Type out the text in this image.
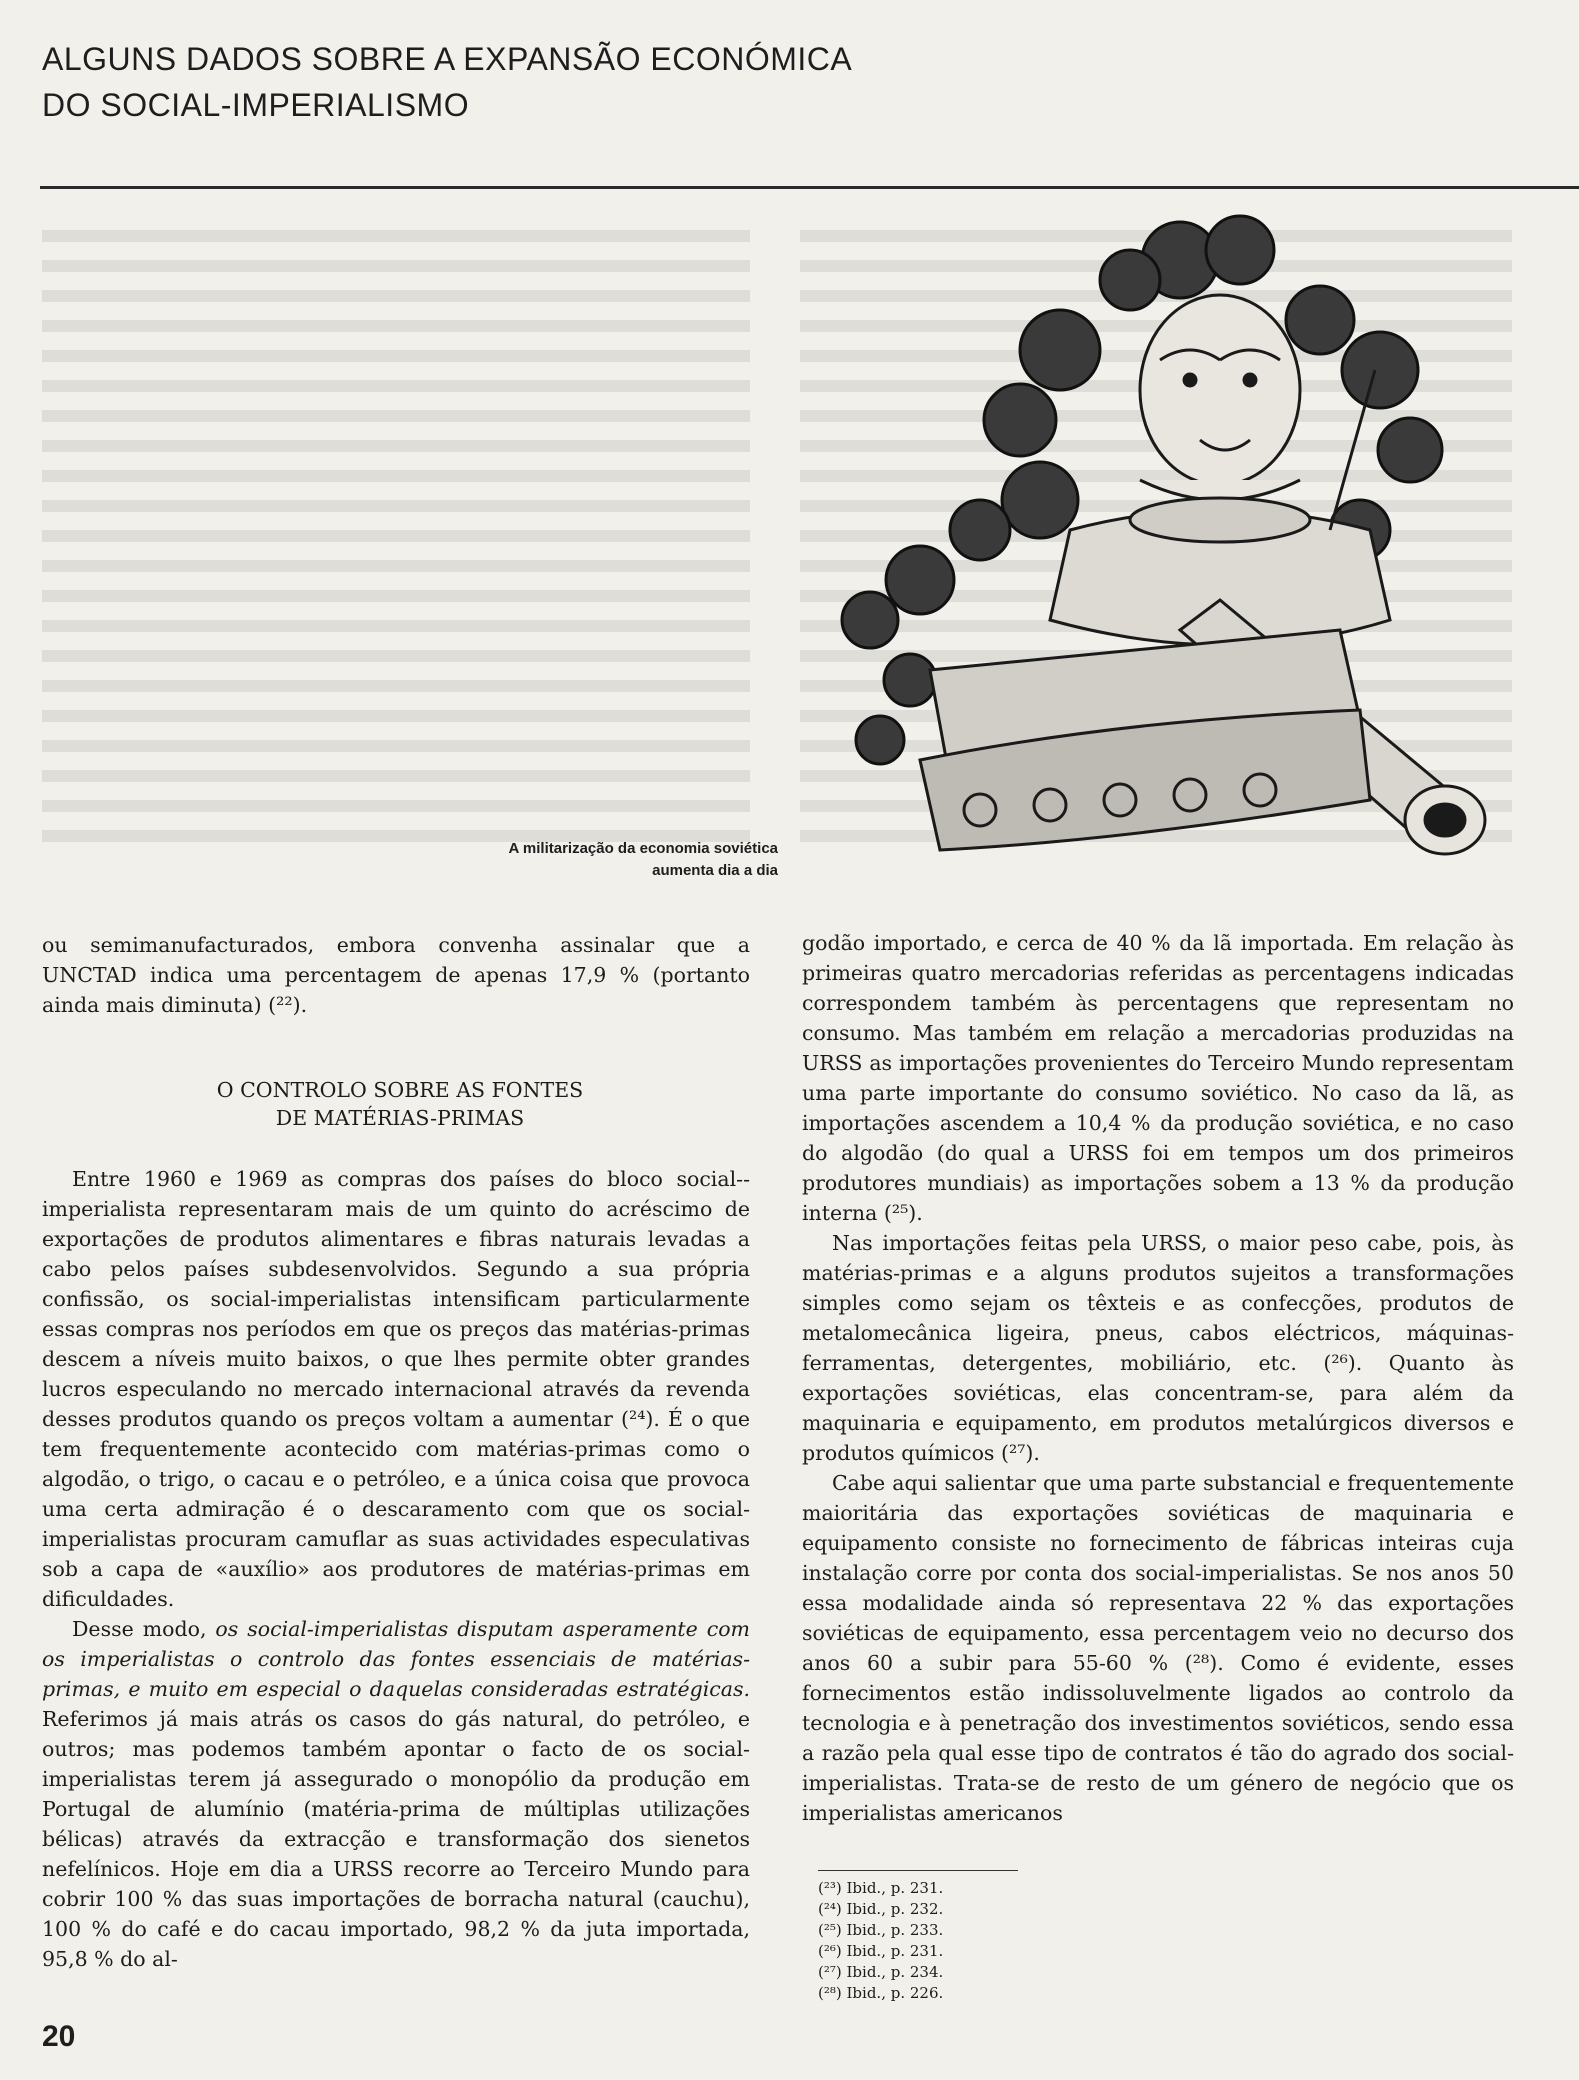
ALGUNS DADOS SOBRE A EXPANSÃO ECONÓMICA
DO SOCIAL-IMPERIALISMO
A militarização da economia soviética
aumenta dia a dia

ou semimanufacturados, embora convenha assinalar que a UNCTAD indica uma percentagem de apenas 17,9 % (portanto ainda mais diminuta) (²²).

O CONTROLO SOBRE AS FONTES
DE MATÉRIAS-PRIMAS

Entre 1960 e 1969 as compras dos países do bloco social--imperialista representaram mais de um quinto do acréscimo de exportações de produtos alimentares e fibras naturais levadas a cabo pelos países subdesenvolvidos. Segundo a sua própria confissão, os social-imperialistas intensificam particularmente essas compras nos períodos em que os preços das matérias-primas descem a níveis muito baixos, o que lhes permite obter grandes lucros especulando no mercado internacional através da revenda desses produtos quando os preços voltam a aumentar (²⁴). É o que tem frequentemente acontecido com matérias-primas como o algodão, o trigo, o cacau e o petróleo, e a única coisa que provoca uma certa admiração é o descaramento com que os social-imperialistas procuram camuflar as suas actividades especulativas sob a capa de «auxílio» aos produtores de matérias-primas em dificuldades.

Desse modo, os social-imperialistas disputam asperamente com os imperialistas o controlo das fontes essenciais de matérias-primas, e muito em especial o daquelas consideradas estratégicas. Referimos já mais atrás os casos do gás natural, do petróleo, e outros; mas podemos também apontar o facto de os social-imperialistas terem já assegurado o monopólio da produção em Portugal de alumínio (matéria-prima de múltiplas utilizações bélicas) através da extracção e transformação dos sienetos nefelínicos. Hoje em dia a URSS recorre ao Terceiro Mundo para cobrir 100 % das suas importações de borracha natural (cauchu), 100 % do café e do cacau importado, 98,2 % da juta importada, 95,8 % do al-

godão importado, e cerca de 40 % da lã importada. Em relação às primeiras quatro mercadorias referidas as percentagens indicadas correspondem também às percentagens que representam no consumo. Mas também em relação a mercadorias produzidas na URSS as importações provenientes do Terceiro Mundo representam uma parte importante do consumo soviético. No caso da lã, as importações ascendem a 10,4 % da produção soviética, e no caso do algodão (do qual a URSS foi em tempos um dos primeiros produtores mundiais) as importações sobem a 13 % da produção interna (²⁵).

Nas importações feitas pela URSS, o maior peso cabe, pois, às matérias-primas e a alguns produtos sujeitos a transformações simples como sejam os têxteis e as confecções, produtos de metalomecânica ligeira, pneus, cabos eléctricos, máquinas-ferramentas, detergentes, mobiliário, etc. (²⁶). Quanto às exportações soviéticas, elas concentram-se, para além da maquinaria e equipamento, em produtos metalúrgicos diversos e produtos químicos (²⁷).

Cabe aqui salientar que uma parte substancial e frequentemente maioritária das exportações soviéticas de maquinaria e equipamento consiste no fornecimento de fábricas inteiras cuja instalação corre por conta dos social-imperialistas. Se nos anos 50 essa modalidade ainda só representava 22 % das exportações soviéticas de equipamento, essa percentagem veio no decurso dos anos 60 a subir para 55-60 % (²⁸). Como é evidente, esses fornecimentos estão indissoluvelmente ligados ao controlo da tecnologia e à penetração dos investimentos soviéticos, sendo essa a razão pela qual esse tipo de contratos é tão do agrado dos social-imperialistas. Trata-se de resto de um género de negócio que os imperialistas americanos

(²³) Ibid., p. 231.
(²⁴) Ibid., p. 232.
(²⁵) Ibid., p. 233.
(²⁶) Ibid., p. 231.
(²⁷) Ibid., p. 234.
(²⁸) Ibid., p. 226.
20
